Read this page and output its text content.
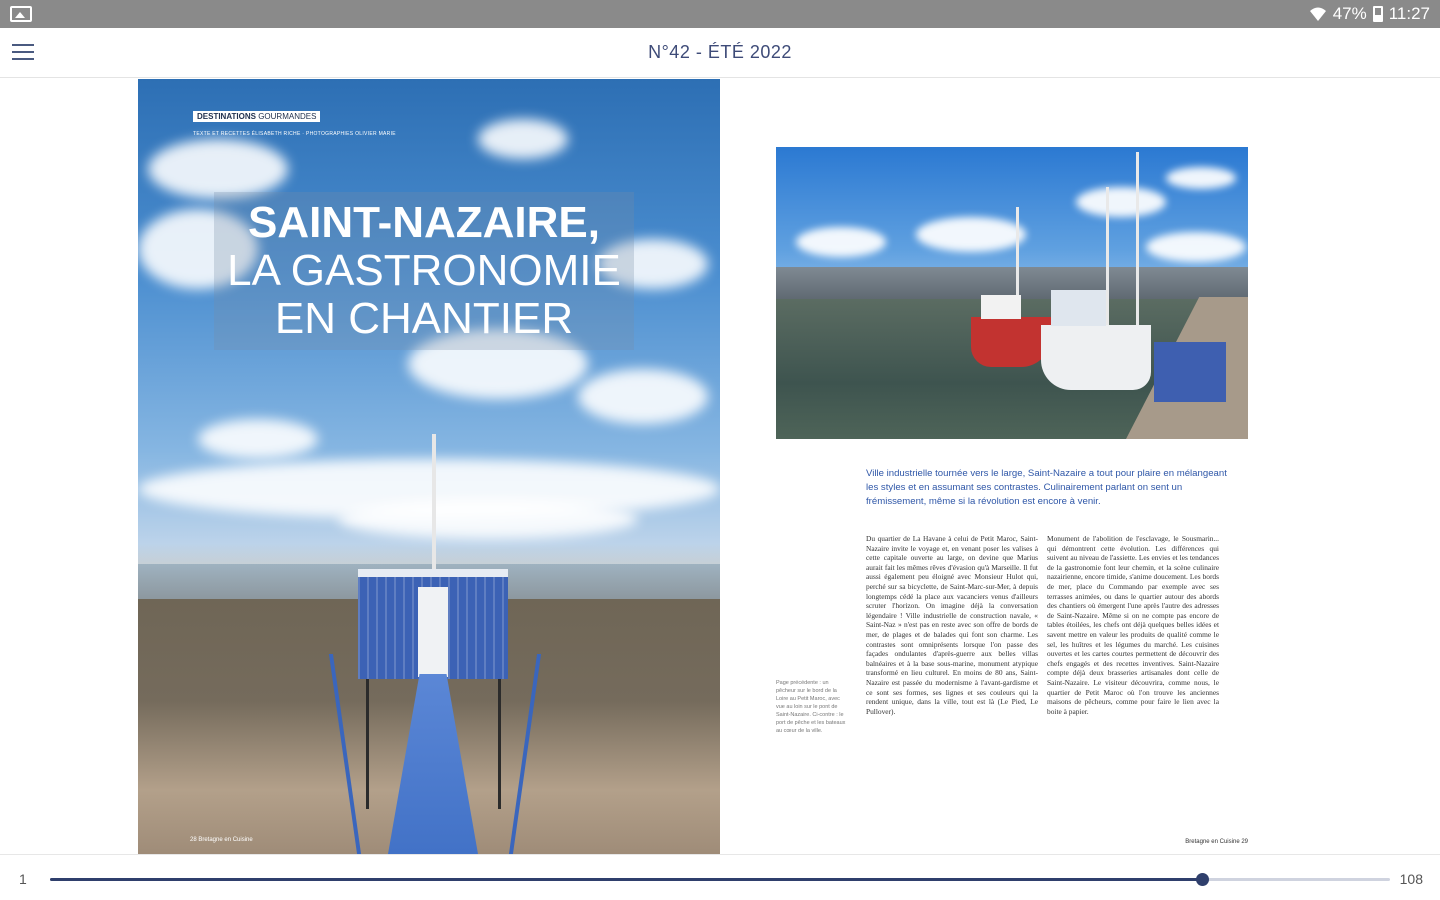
47% 11:27
N°42 - ÉTÉ 2022
DESTINATIONS GOURMANDES
TEXTE ET RECETTES ÉLISABETH RICHE · PHOTOGRAPHIES OLIVIER MARIE
SAINT-NAZAIRE,
LA GASTRONOMIE
EN CHANTIER
28 Bretagne en Cuisine
Ville industrielle tournée vers le large, Saint-Nazaire a tout pour plaire en mélangeant les styles et en assumant ses contrastes. Culinairement parlant on sent un frémissement, même si la révolution est encore à venir.
Du quartier de La Havane à celui de Petit Maroc, Saint-Nazaire invite le voyage et, en venant poser les valises à cette capitale ouverte au large, on devine que Marius aurait fait les mêmes rêves d'évasion qu'à Marseille. Il fut aussi également peu éloigné avec Monsieur Hulot qui, perché sur sa bicyclette, de Saint-Marc-sur-Mer, à depuis longtemps cédé la place aux vacanciers venus d'ailleurs scruter l'horizon. On imagine déjà la conversation légendaire ! Ville industrielle de construction navale, « Saint-Naz » n'est pas en reste avec son offre de bords de mer, de plages et de balades qui font son charme. Les contrastes sont omniprésents lorsque l'on passe des façades ondulantes d'après-guerre aux belles villas balnéaires et à la base sous-marine, monument atypique transformé en lieu culturel. En moins de 80 ans, Saint-Nazaire est passée du modernisme à l'avant-gardisme et ce sont ses formes, ses lignes et ses couleurs qui la rendent unique, dans la ville, tout est là (Le Pied, Le Pullover).
Monument de l'abolition de l'esclavage, le Sousmarin... qui démontrent cette évolution. Les différences qui suivent au niveau de l'assiette. Les envies et les tendances de la gastronomie font leur chemin, et la scène culinaire nazairienne, encore timide, s'anime doucement. Les bords de mer, place du Commando par exemple avec ses terrasses animées, ou dans le quartier autour des abords des chantiers où émergent l'une après l'autre des adresses de Saint-Nazaire. Même si on ne compte pas encore de tables étoilées, les chefs ont déjà quelques belles idées et savent mettre en valeur les produits de qualité comme le sel, les huîtres et les légumes du marché. Les cuisines ouvertes et les cartes courtes permettent de découvrir des chefs engagés et des recettes inventives. Saint-Nazaire compte déjà deux brasseries artisanales dont celle de Saint-Nazaire. Le visiteur découvrira, comme nous, le quartier de Petit Maroc où l'on trouve les anciennes maisons de pêcheurs, comme pour faire le lien avec la boite à papier.
Page précédente : un pêcheur sur le bord de la Loire au Petit Maroc, avec vue au loin sur le pont de Saint-Nazaire. Ci-contre : le port de pêche et les bateaux au cœur de la ville.
Bretagne en Cuisine 29
1	108
